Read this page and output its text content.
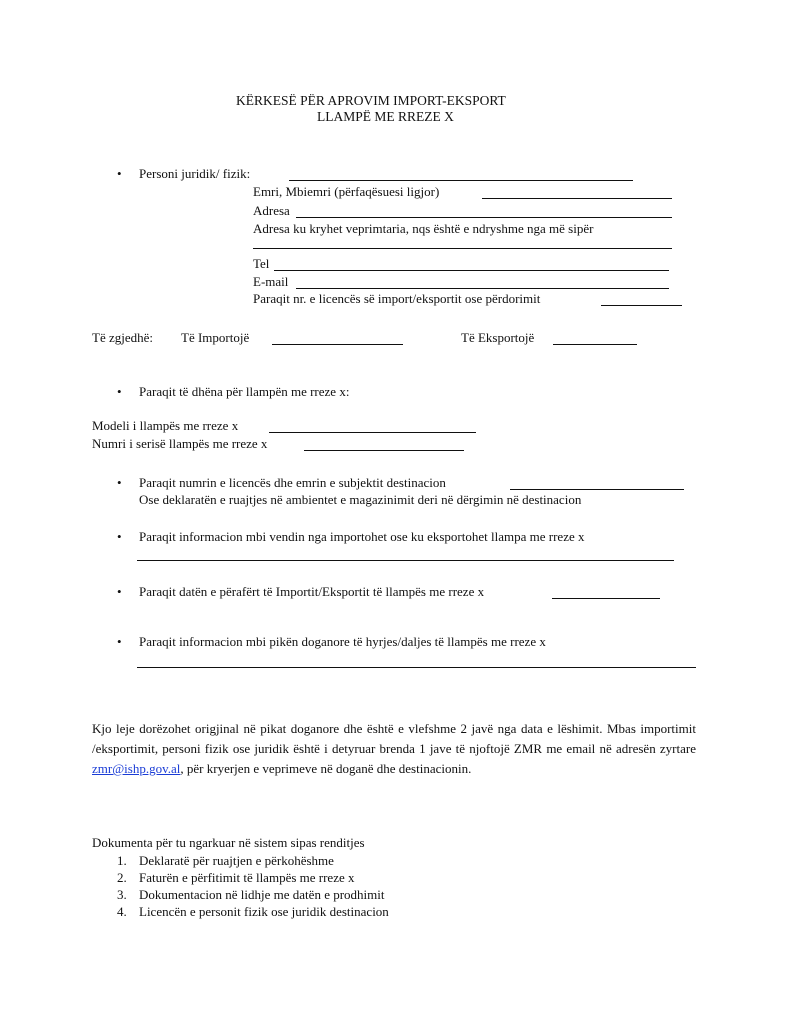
KËRKESË PËR APROVIM IMPORT-EKSPORT
LLAMPË ME RREZE X
• Personi juridik/ fizik:
Emri, Mbiemri (përfaqësuesi ligjor)
Adresa
Adresa ku kryhet veprimtaria, nqs është e ndryshme nga më sipër
Tel
E-mail
Paraqit nr. e licencës së import/eksportit ose përdorimit
Të zgjedhë: Të Importojë	Të Eksportojë
• Paraqit të dhëna për llampën me rreze x:
Modeli i llampës me rreze x
Numri i serisë llampës me rreze x
• Paraqit numrin e licencës dhe emrin e subjektit destinacion
Ose deklaratën e ruajtjes në ambientet e magazinimit deri në dërgimin në destinacion
• Paraqit informacion mbi vendin nga importohet ose ku eksportohet llampa me rreze x
• Paraqit datën e përafërt të Importit/Eksportit të llampës me rreze x
• Paraqit informacion mbi pikën doganore të hyrjes/daljes të llampës me rreze x
Kjo leje dorëzohet origjinal në pikat doganore dhe është e vlefshme 2 javë nga data e lëshimit. Mbas importimit /eksportimit, personi fizik ose juridik është i detyruar brenda 1 jave të njoftojë ZMR me email në adresën zyrtare zmr@ishp.gov.al, për kryerjen e veprimeve në doganë dhe destinacionin.
Dokumenta për tu ngarkuar në sistem sipas renditjes
1. Deklaratë për ruajtjen e përkohëshme
2. Faturën e përfitimit të llampës me rreze x
3. Dokumentacion në lidhje me datën e prodhimit
4. Licencën e personit fizik ose juridik destinacion
